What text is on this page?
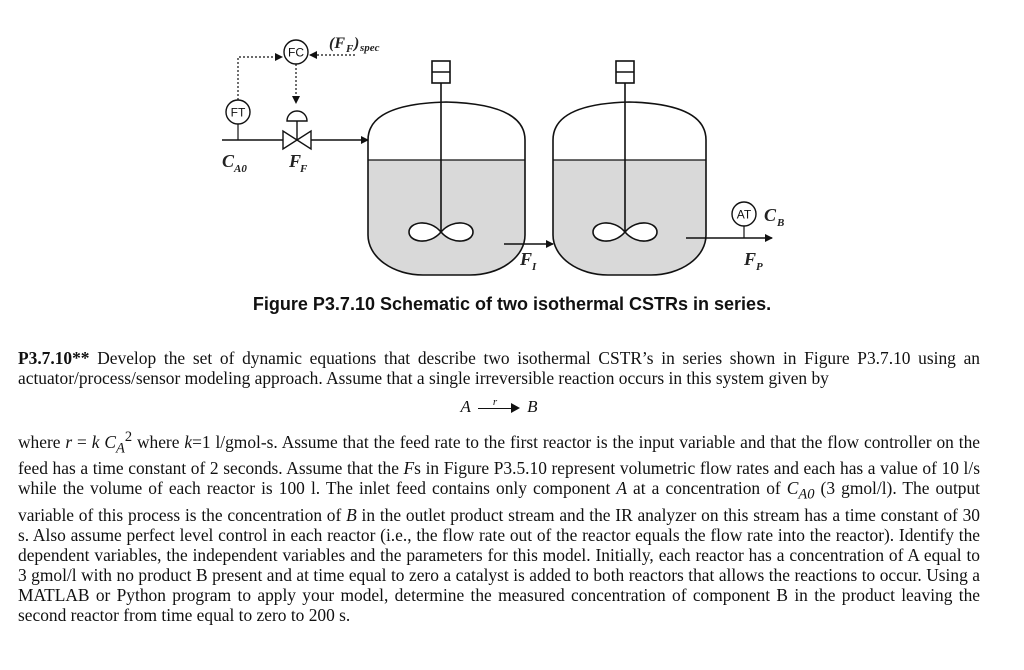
FC
(F F ) spec
FT
C A0 F
F
F I
AT C B
F P
Figure P3.7.10 Schematic of two isothermal CSTRs in series.

P3.7.10** Develop the set of dynamic equations that describe two isothermal CSTR’s in series shown in Figure P3.7.10 using an actuator/process/sensor modeling approach. Assume that a single irreversible reaction occurs in this system given by

A r B

where r = k $C_A^2$ where k=1 l/gmol-s. Assume that the feed rate to the first reactor is the input variable and that the flow controller on the feed has a time constant of 2 seconds. Assume that the Fs in Figure P3.5.10 represent volumetric flow rates and each has a value of 10 l/s while the volume of each reactor is 100 l. The inlet feed contains only component A at a concentration of $C_{A0}$ (3 gmol/l). The output variable of this process is the concentration of B in the outlet product stream and the IR analyzer on this stream has a time constant of 30 s. Also assume perfect level control in each reactor (i.e., the flow rate out of the reactor equals the flow rate into the reactor). Identify the dependent variables, the independent variables and the parameters for this model. Initially, each reactor has a concentration of A equal to 3 gmol/l with no product B present and at time equal to zero a catalyst is added to both reactors that allows the reactions to occur. Using a MATLAB or Python program to apply your model, determine the measured concentration of component B in the product leaving the second reactor from time equal to zero to 200 s.
